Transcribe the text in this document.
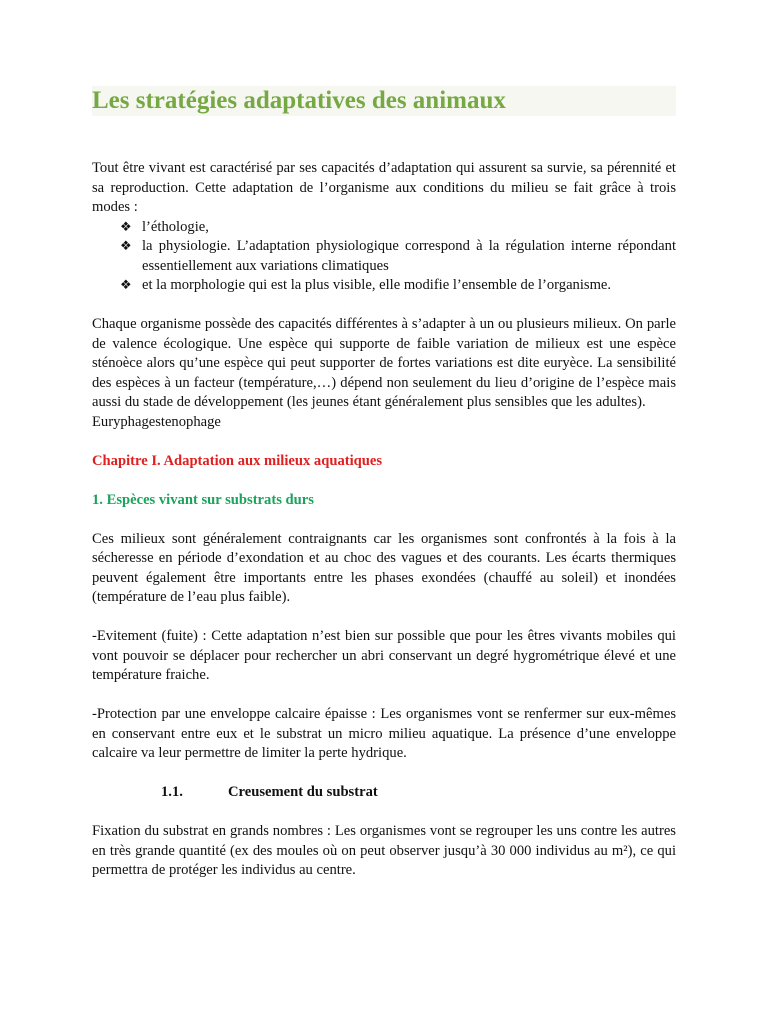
Les stratégies adaptatives des animaux

Tout être vivant est caractérisé par ses capacités d’adaptation qui assurent sa survie, sa pérennité et sa reproduction. Cette adaptation de l’organisme aux conditions du milieu se fait grâce à trois modes :

❖ l’éthologie,
❖ la physiologie. L’adaptation physiologique correspond à la régulation interne répondant essentiellement aux variations climatiques
❖ et la morphologie qui est la plus visible, elle modifie l’ensemble de l’organisme.

Chaque organisme possède des capacités différentes à s’adapter à un ou plusieurs milieux. On parle de valence écologique. Une espèce qui supporte de faible variation de milieux est une espèce sténoèce alors qu’une espèce qui peut supporter de fortes variations est dite euryèce. La sensibilité des espèces à un facteur (température,…) dépend non seulement du lieu d’origine de l’espèce mais aussi du stade de développement (les jeunes étant généralement plus sensibles que les adultes).

Euryphagestenophage

Chapitre I. Adaptation aux milieux aquatiques

1. Espèces vivant sur substrats durs

Ces milieux sont généralement contraignants car les organismes sont confrontés à la fois à la sécheresse en période d’exondation et au choc des vagues et des courants. Les écarts thermiques peuvent également être importants entre les phases exondées (chauffé au soleil) et inondées (température de l’eau plus faible).

-Evitement (fuite) : Cette adaptation n’est bien sur possible que pour les êtres vivants mobiles qui vont pouvoir se déplacer pour rechercher un abri conservant un degré hygrométrique élevé et une température fraiche.

-Protection par une enveloppe calcaire épaisse : Les organismes vont se renfermer sur eux-mêmes en conservant entre eux et le substrat un micro milieu aquatique. La présence d’une enveloppe calcaire va leur permettre de limiter la perte hydrique.

1.1.	Creusement du substrat

Fixation du substrat en grands nombres : Les organismes vont se regrouper les uns contre les autres en très grande quantité (ex des moules où on peut observer jusqu’à 30 000 individus au m²), ce qui permettra de protéger les individus au centre.
